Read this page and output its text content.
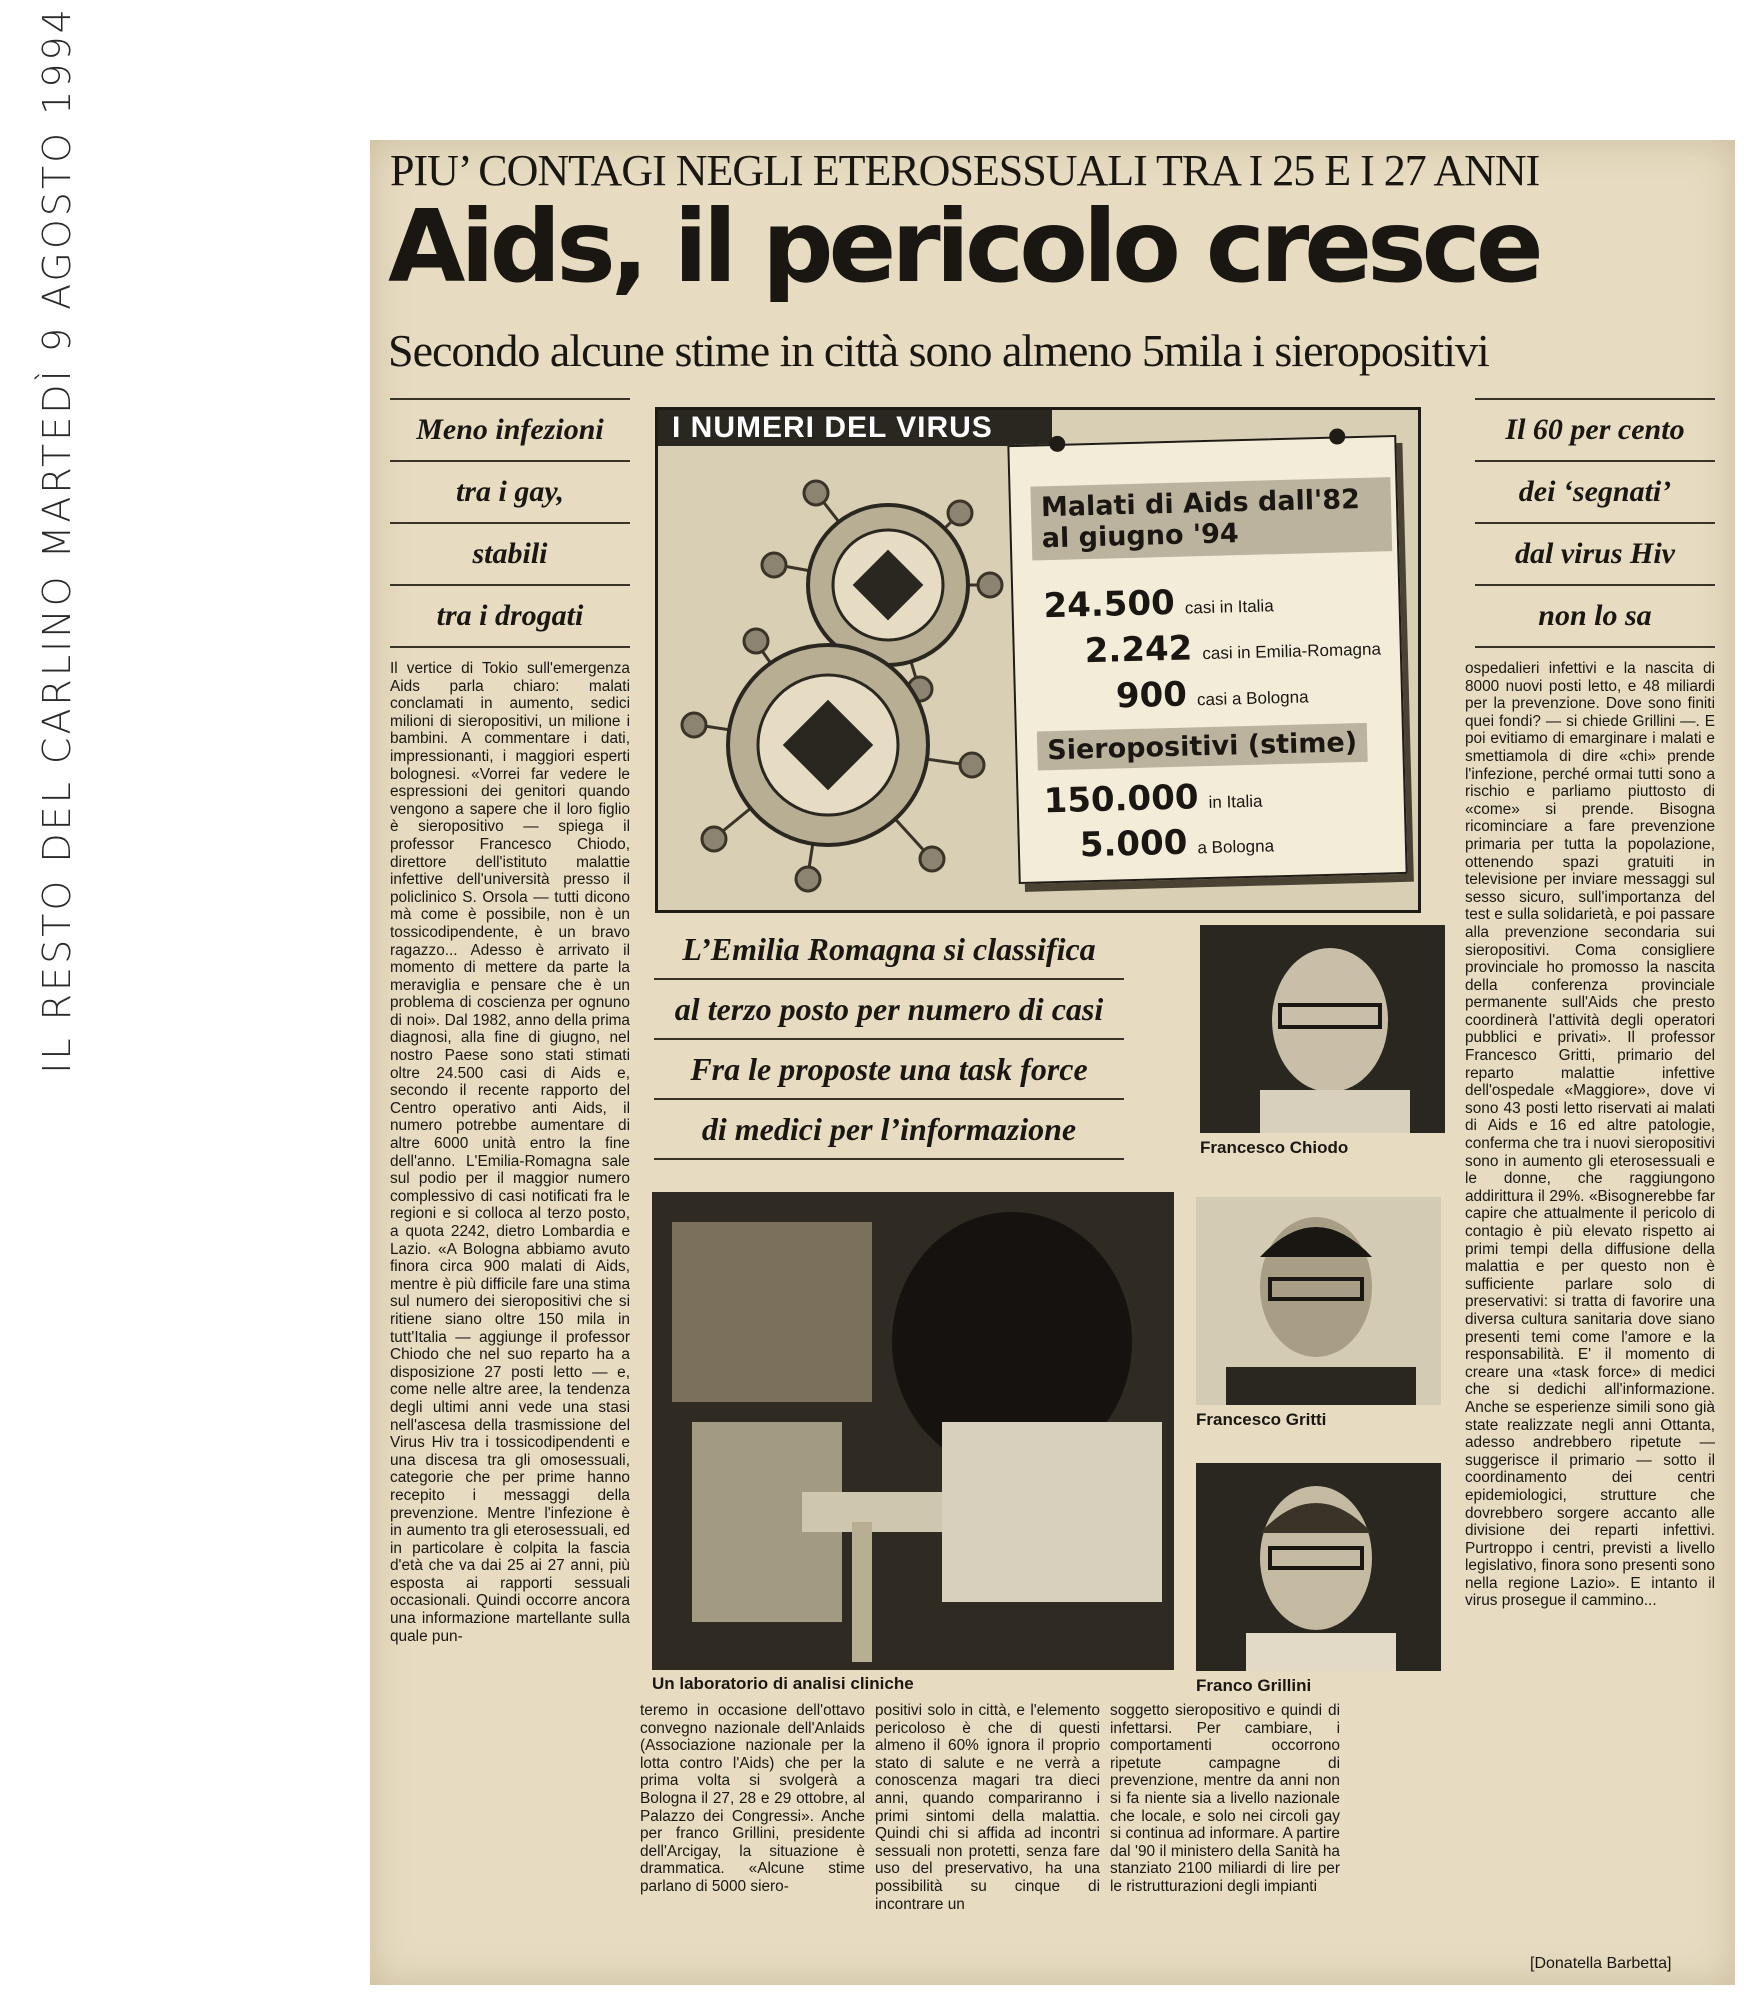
IL RESTO DEL CARLINO MARTEDÌ 9 AGOSTO 1994	PIU’ CONTAGI NEGLI ETEROSESSUALI TRA I 25 E I 27 ANNI
Aids, il pericolo cresce
Secondo alcune stime in città sono almeno 5mila i sieropositivi
Meno infezioni
tra i gay,
stabili
tra i drogati
Il 60 per cento
dei ‘segnati’
dal virus Hiv
non lo sa
I NUMERI DEL VIRUS
Malati di Aids dall'82 al giugno '94
24.500 casi in Italia
2.242 casi in Emilia-Romagna
900 casi a Bologna
Sieropositivi (stime)
150.000 in Italia
5.000 a Bologna
L’Emilia Romagna si classifica
al terzo posto per numero di casi
Fra le proposte una task force
di medici per l’informazione
Un laboratorio di analisi cliniche
Francesco Chiodo
Francesco Gritti
Franco Grillini
Il vertice di Tokio sull'emergenza Aids parla chiaro: malati conclamati in aumento, sedici milioni di sieropositivi, un milione i bambini. A commentare i dati, impressionanti, i maggiori esperti bolognesi. «Vorrei far vedere le espressioni dei genitori quando vengono a sapere che il loro figlio è sieropositivo — spiega il professor Francesco Chiodo, direttore dell'istituto malattie infettive dell'università presso il policlinico S. Orsola — tutti dicono mà come è possibile, non è un tossicodipendente, è un bravo ragazzo... Adesso è arrivato il momento di mettere da parte la meraviglia e pensare che è un problema di coscienza per ognuno di noi». Dal 1982, anno della prima diagnosi, alla fine di giugno, nel nostro Paese sono stati stimati oltre 24.500 casi di Aids e, secondo il recente rapporto del Centro operativo anti Aids, il numero potrebbe aumentare di altre 6000 unità entro la fine dell'anno. L'Emilia-Romagna sale sul podio per il maggior numero complessivo di casi notificati fra le regioni e si colloca al terzo posto, a quota 2242, dietro Lombardia e Lazio. «A Bologna abbiamo avuto finora circa 900 malati di Aids, mentre è più difficile fare una stima sul numero dei sieropositivi che si ritiene siano oltre 150 mila in tutt'Italia — aggiunge il professor Chiodo che nel suo reparto ha a disposizione 27 posti letto — e, come nelle altre aree, la tendenza degli ultimi anni vede una stasi nell'ascesa della trasmissione del Virus Hiv tra i tossicodipendenti e una discesa tra gli omosessuali, categorie che per prime hanno recepito i messaggi della prevenzione. Mentre l'infezione è in aumento tra gli eterosessuali, ed in particolare è colpita la fascia d'età che va dai 25 ai 27 anni, più esposta ai rapporti sessuali occasionali. Quindi occorre ancora una informazione martellante sulla quale pun-
teremo in occasione dell'ottavo convegno nazionale dell'Anlaids (Associazione nazionale per la lotta contro l'Aids) che per la prima volta si svolgerà a Bologna il 27, 28 e 29 ottobre, al Palazzo dei Congressi». Anche per franco Grillini, presidente dell'Arcigay, la situazione è drammatica. «Alcune stime parlano di 5000 siero-
positivi solo in città, e l'elemento pericoloso è che di questi almeno il 60% ignora il proprio stato di salute e ne verrà a conoscenza magari tra dieci anni, quando compariranno i primi sintomi della malattia. Quindi chi si affida ad incontri sessuali non protetti, senza fare uso del preservativo, ha una possibilità su cinque di incontrare un
soggetto sieropositivo e quindi di infettarsi. Per cambiare, i comportamenti occorrono ripetute campagne di prevenzione, mentre da anni non si fa niente sia a livello nazionale che locale, e solo nei circoli gay si continua ad informare. A partire dal '90 il ministero della Sanità ha stanziato 2100 miliardi di lire per le ristrutturazioni degli impianti
ospedalieri infettivi e la nascita di 8000 nuovi posti letto, e 48 miliardi per la prevenzione. Dove sono finiti quei fondi? — si chiede Grillini —. E poi evitiamo di emarginare i malati e smettiamola di dire «chi» prende l'infezione, perché ormai tutti sono a rischio e parliamo piuttosto di «come» si prende. Bisogna ricominciare a fare prevenzione primaria per tutta la popolazione, ottenendo spazi gratuiti in televisione per inviare messaggi sul sesso sicuro, sull'importanza del test e sulla solidarietà, e poi passare alla prevenzione secondaria sui sieropositivi. Coma consigliere provinciale ho promosso la nascita della conferenza provinciale permanente sull'Aids che presto coordinerà l'attività degli operatori pubblici e privati». Il professor Francesco Gritti, primario del reparto malattie infettive dell'ospedale «Maggiore», dove vi sono 43 posti letto riservati ai malati di Aids e 16 ed altre patologie, conferma che tra i nuovi sieropositivi sono in aumento gli eterosessuali e le donne, che raggiungono addirittura il 29%. «Bisognerebbe far capire che attualmente il pericolo di contagio è più elevato rispetto ai primi tempi della diffusione della malattia e per questo non è sufficiente parlare solo di preservativi: si tratta di favorire una diversa cultura sanitaria dove siano presenti temi come l'amore e la responsabilità. E' il momento di creare una «task force» di medici che si dedichi all'informazione. Anche se esperienze simili sono già state realizzate negli anni Ottanta, adesso andrebbero ripetute — suggerisce il primario — sotto il coordinamento dei centri epidemiologici, strutture che dovrebbero sorgere accanto alle divisione dei reparti infettivi. Purtroppo i centri, previsti a livello legislativo, finora sono presenti sono nella regione Lazio». E intanto il virus prosegue il cammino...
[Donatella Barbetta]
